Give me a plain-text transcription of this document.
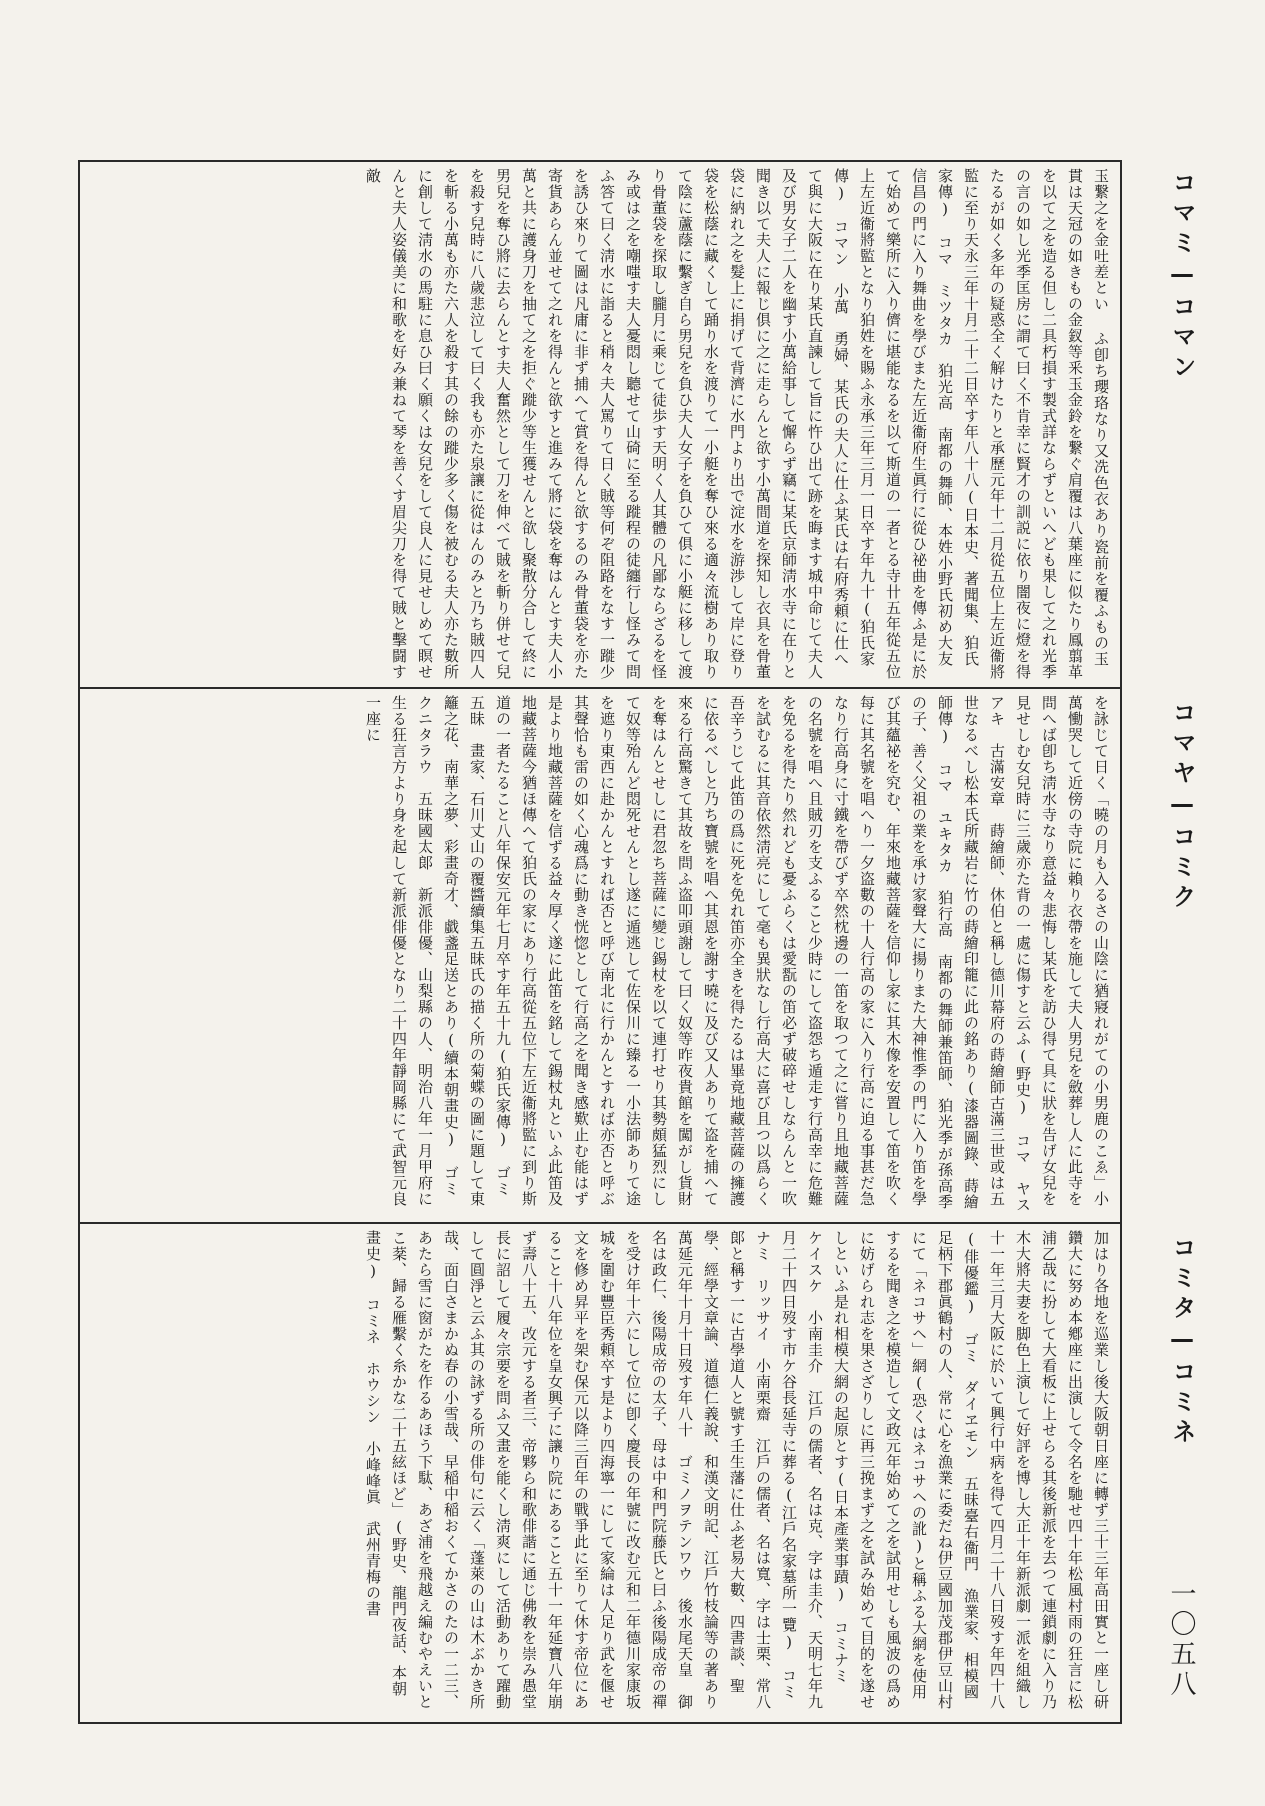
コマミ—コマン
コマヤ—コミク
コミタ—コミネ
一〇五八

玉繋之を金吐差とい ふ卽ち瓔珞なり又冼色衣あり瓷前を覆ふもの玉貫は天冠の如きもの金釵等釆玉金鈴を繋ぐ肩覆は八葉座に似たり鳳翦革を以て之を造る但し二具朽損す製式詳ならずといへども果して之れ光季の言の如し光季匡房に謂て曰く不肯幸に賢才の訓説に依り闇夜に燈を得たるが如く多年の疑惑全く解けたりと承歷元年十二月從五位上左近衞將監に至り天永三年十月二十二日卒す年八十八(日本史、著聞集、狛氏家傳)　コマ　ミツタカ　狛光高　南都の舞師、本姓小野氏初め大友信昌の門に入り舞曲を學びまた左近衞府生眞行に從ひ祕曲を傳ふ是に於て始めて樂所に入り儕に堪能なるを以て斯道の一者とる寺卄五年從五位上左近衞將監となり狛姓を賜ふ永承三年三月一日卒す年九十(狛氏家傳)　コマン　小萬　勇婦、某氏の夫人に仕ふ某氏は右府秀頼に仕へて與に大阪に在り某氏直諫して旨に忤ひ出て跡を晦ます城中命じて夫人及び男女子二人を幽す小萬給事して懈らず竊に某氏京師淸水寺に在りと聞き以て夫人に報じ俱に之に走らんと欲す小萬間道を探知し衣具を骨董袋に納れ之を髮上に捐げて背濟に水門より出で淀水を游渉して岸に登り袋を松蔭に藏くして踊り水を渡りて一小艇を奪ひ來る適々流樹あり取りて陰に蘆蔭に繫ぎ自ら男兒を負ひ夫人女子を負ひて俱に小艇に移して渡り骨董袋を探取し朧月に乘じて徒歩す天明く人其體の凡鄙ならざるを怪み或は之を嘲嗤す夫人憂悶し聽せて山碕に至る蹝程の徒纏行し怪みて問ふ答て曰く淸水に詣ると稍々夫人罵りて日く賊等何ぞ阻路をなす一蹝少を誘ひ來りて圖は凡庸に非ず捕へて賞を得んと欲するのみ骨董袋を亦た寄貨あらん並せて之れを得んと欲すと進みて將に袋を奪はんとす夫人小萬と共に護身刀を抽て之を拒ぐ蹝少等生獲せんと欲し聚散分合して終に男兒を奪ひ將に去らんとす夫人奮然として刀を伸べて賊を斬り併せて兒を殺す兒時に八歲悲泣して曰く我も亦た泉讓に從はんのみと乃ち賊四人を斬る小萬も亦た六人を殺す其の餘の蹝少多く傷を被むる夫人亦た數所に創して淸水の馬駐に息ひ曰く願くは女兒をして良人に見せしめて瞑せんと夫人姿儀美に和歌を好み兼ねて琴を善くす眉尖刀を得て賊と擊闘す敵

を詠じて日く「曉の月も入るさの山陰に猶寢れがての小男鹿のこゑ」小萬慟哭して近傍の寺院に賴り衣帶を施して夫人男兒を斂葬し人に此寺を問へば卽ち淸水寺なり意益々悲悔し某氏を訪ひ得て具に狀を告げ女兒を見せしむ女兒時に三歲亦た背の一處に傷すと云ふ(野史)　コマ　ヤスアキ　古滿安章　蒔繪師、休伯と稱し德川幕府の蒔繪師古滿三世或は五世なるべし松本氏所藏岩に竹の蒔繪印籠に此の銘あり(漆器圖錄、蒔繪師傳)　コマ　ユキタカ　狛行高　南都の舞師兼笛師、狛光季が孫高季の子、善く父祖の業を承け家聲大に揚りまた大神惟季の門に入り笛を學び其蘊祕を究む、年來地藏菩薩を信仰し家に其木像を安置して笛を吹く每に其名號を唱へり一夕盗數の十人行高の家に入り行高に迫る事甚だ急なり行高身に寸鐵を帶びず卒然枕邊の一笛を取つて之に嘗り且地藏菩薩の名號を唱へ且賊刃を支ふること少時にして盗怨ち遁走す行高幸に危難を免るを得たり然れども憂ふらくは愛翫の笛必ず破碎せしならんと一吹を試むるに其音依然淸亮にして毫も異狀なし行高大に喜び且つ以爲らく吾辛うじて此笛の爲に死を免れ笛亦全きを得たるは畢竟地藏菩薩の擁護に依るべしと乃ち寶號を唱へ其恩を謝す曉に及び又人ありて盗を捕へて來る行高驚きて其故を問ふ盗叩頭謝して曰く奴等昨夜貴館を闖がし貨財を奪はんとせしに君忽ち菩薩に變じ錫杖を以て連打せり其勢頗猛烈にして奴等殆んど悶死せんとし遂に遁逃して佐保川に臻る一小法師ありて途を遮り東西に赴かんとすれば否と呼び南北に行かんとすれば亦否と呼ぶ其聲恰も雷の如く心魂爲に動き恍惚として行高之を聞き感歎止む能はず是より地藏菩薩を信ずる益々厚く遂に此笛を銘して錫杖丸といふ此笛及地藏菩薩今猶ほ傳へて狛氏の家にあり行高從五位下左近衞將監に到り斯道の一者たること八年保安元年七月卒す年五十九(狛氏家傳)　ゴミ　五昧　畫家、石川丈山の覆醬續集五昧氏の描く所の菊蝶の圖に題して東籬之花、南華之夢、彩畫奇才、戱盞足送とあり(續本朝畫史)　ゴミ　クニタラウ　五昧國太郞　新派俳優、山梨縣の人、明治八年一月甲府に生る狂言方より身を起して新派俳優となり二十四年靜岡縣にて武智元良一座に

加はり各地を巡業し後大阪朝日座に轉ず三十三年高田實と一座し研鑽大に努め本鄕座に出演して令名を馳せ四十年松風村雨の狂言に松浦乙哉に扮して大看板に上せらる其後新派を去つて連鎖劇に入り乃木大將夫妻を脚色上演して好評を博し大正十年新派劇一派を組織し十一年三月大阪に於いて興行中病を得て四月二十八日歿す年四十八(俳優鑑)　ゴミ　ダイヱモン　五昧臺右衞門　漁業家、相模國足柄下郡眞鶴村の人、常に心を漁業に委だね伊豆國加茂郡伊豆山村にて「ネコサヘ」網(恐くはネコサヘの訛)と稱ふる大網を使用するを聞き之を模造して文政元年始めて之を試用せしも風波の爲めに妨げられ志を果さざりしに再三挽まず之を試み始めて目的を遂せしといふ是れ相模大網の起原とす(日本產業事蹟)　コミナミ　ケイスケ　小南圭介　江戶の儒者、名は克、字は圭介、天明七年九月二十四日歿す市ケ谷長延寺に葬る(江戶名家墓所一覽)　コミナミ　リッサイ　小南栗齋　江戶の儒者、名は寬、字は士栗、常八郞と稱す一に古學道人と號す壬生藩に仕ふ老易大數、四書談、聖學、經學文章論、道德仁義說、和漢文明記、江戶竹枝論等の著あり萬延元年十月十日歿す年八十　ゴミノヲテンワウ　後水尾天皇　御名は政仁、後陽成帝の太子、母は中和門院藤氏と曰ふ後陽成帝の禪を受け年十六にして位に卽く慶長の年號に改む元和二年德川家康坂城を圍む豐臣秀頼卒す是より四海寧一にして家綸は人足り武を偃せ文を修め昇平を架む保元以降三百年の戰爭此に至りて休す帝位にあること十八年位を皇女興子に讓り院にあること五十一年延寶八年崩ず壽八十五、改元する者三、帝夥ら和歌俳諧に通じ佛敎を崇み愚堂長に詔して履々宗要を問ふ又畫を能くし淸爽にして活動ありて躍動して圓淨と云ふ其の詠ずる所の俳句に云く「蓬萊の山は木ぶかき所哉、面白さまかぬ春の小雪哉、早稲中稲おくてかさのたの一二三、あたら雪に窗がたを作るあほう下駄、あざ浦を飛越え編むやえいとこ棻、歸る雁繫く糸かな二十五絃ほど」(野史、龍門夜話、本朝畫史)　コミネ　ホウシン　小峰峰眞　武州青梅の書
